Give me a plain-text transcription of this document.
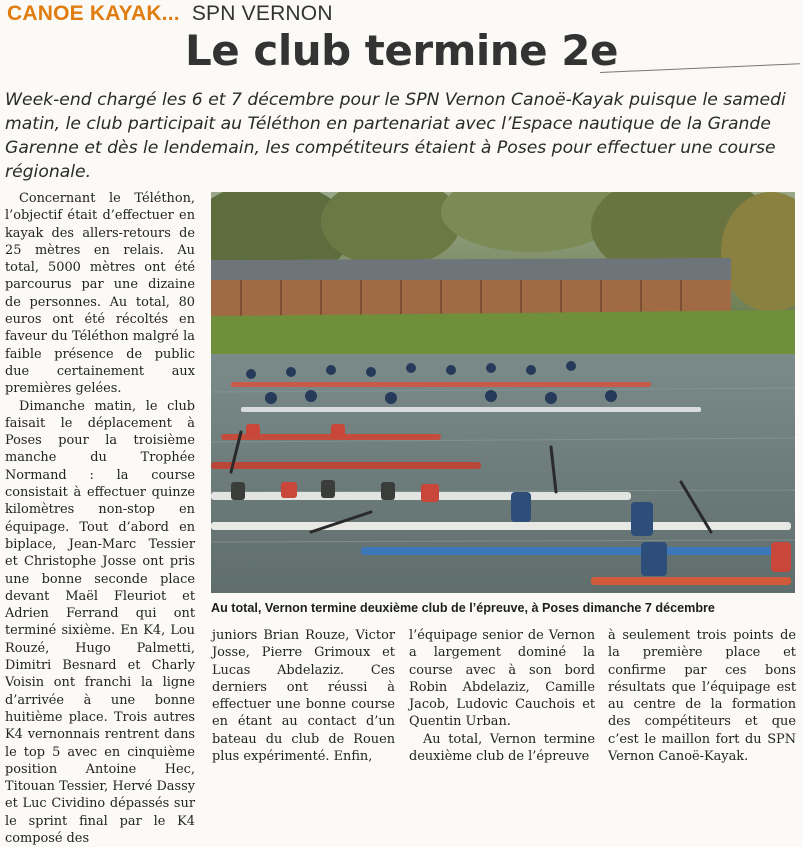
CANOE KAYAK... SPN VERNON
Le club termine 2e

Week-end chargé les 6 et 7 décembre pour le SPN Vernon Canoë-Kayak puisque le samedi matin, le club participait au Téléthon en partenariat avec l’Espace nautique de la Grande Garenne et dès le lendemain, les compétiteurs étaient à Poses pour effectuer une course régionale.

Concernant le Téléthon, l’objectif était d’effectuer en kayak des allers-retours de 25 mètres en relais. Au total, 5000 mètres ont été parcourus par une dizaine de personnes. Au total, 80 euros ont été récoltés en faveur du Téléthon malgré la faible présence de public due certainement aux premières gelées.

Dimanche matin, le club faisait le déplacement à Poses pour la troisième manche du Trophée Normand : la course consistait à effectuer quinze kilomètres non-stop en équipage. Tout d’abord en biplace, Jean-Marc Tessier et Christophe Josse ont pris une bonne seconde place devant Maël Fleuriot et Adrien Ferrand qui ont terminé sixième. En K4, Lou Rouzé, Hugo Palmetti, Dimitri Besnard et Charly Voisin ont franchi la ligne d’arrivée à une bonne huitième place. Trois autres K4 vernonnais rentrent dans le top 5 avec en cinquième position Antoine Hec, Titouan Tessier, Hervé Dassy et Luc Cividino dépassés sur le sprint final par le K4 composé des

Au total, Vernon termine deuxième club de l’épreuve, à Poses dimanche 7 décembre

juniors Brian Rouze, Victor Josse, Pierre Grimoux et Lucas Abdelaziz. Ces derniers ont réussi à effectuer une bonne course en étant au contact d’un bateau du club de Rouen plus expérimenté. Enfin,

l’équipage senior de Vernon a largement dominé la course avec à son bord Robin Abdelaziz, Camille Jacob, Ludovic Cauchois et Quentin Urban.

Au total, Vernon termine deuxième club de l’épreuve

à seulement trois points de la première place et confirme par ces bons résultats que l’équipage est au centre de la formation des compétiteurs et que c’est le maillon fort du SPN Vernon Canoë-Kayak.
